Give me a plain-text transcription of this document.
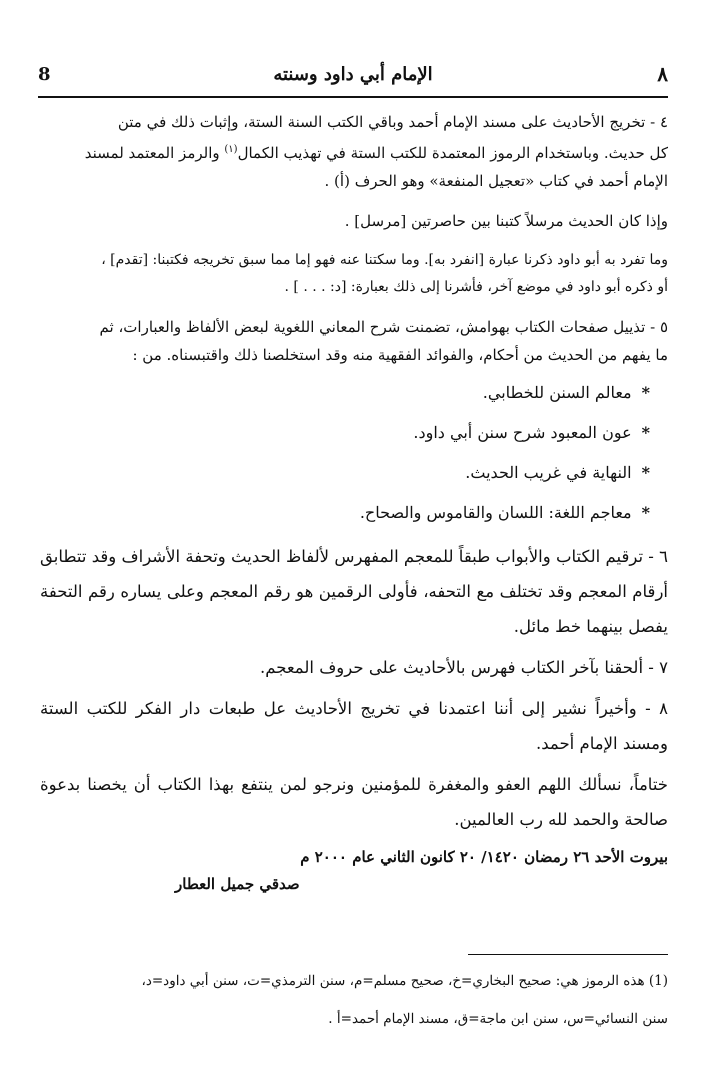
٨
الإمام أبي داود وسنته
8

٤ - تخريج الأحاديث على مسند الإمام أحمد وباقي الكتب السنة الستة، وإثبات ذلك في متن
كل حديث. وباستخدام الرموز المعتمدة للكتب الستة في تهذيب الكمال$^{(١)}$ والرمز المعتمد لمسند
الإمام أحمد في كتاب «تعجيل المنفعة» وهو الحرف (أ) .

وإذا كان الحديث مرسلاً كتبنا بين حاصرتين [مرسل] .

وما تفرد به أبو داود ذكرنا عبارة [انفرد به]. وما سكتنا عنه فهو إما مما سبق تخريجه فكتبنا: [تقدم] ،
أو ذكره أبو داود في موضع آخر، فأشرنا إلى ذلك بعبارة: [د: . . . ] .

٥ - تذييل صفحات الكتاب بهوامش، تضمنت شرح المعاني اللغوية لبعض الألفاظ والعبارات، ثم
ما يفهم من الحديث من أحكام، والفوائد الفقهية منه وقد استخلصنا ذلك واقتبسناه. من :

*معالم السنن للخطابي.
*عون المعبود شرح سنن أبي داود.
*النهاية في غريب الحديث.
*معاجم اللغة: اللسان والقاموس والصحاح.

٦ - ترقيم الكتاب والأبواب طبقاً للمعجم المفهرس لألفاظ الحديث وتحفة الأشراف وقد تتطابق أرقام المعجم وقد تختلف مع التحفه، فأولى الرقمين هو رقم المعجم وعلى يساره رقم التحفة يفصل بينهما خط مائل.

٧ - ألحقنا بآخر الكتاب فهرس بالأحاديث على حروف المعجم.

٨ - وأخيراً نشير إلى أننا اعتمدنا في تخريج الأحاديث عل طبعات دار الفكر للكتب الستة ومسند الإمام أحمد.

ختاماً، نسألك اللهم العفو والمغفرة للمؤمنين ونرجو لمن ينتفع بهذا الكتاب أن يخصنا بدعوة صالحة والحمد لله رب العالمين.

بيروت الأحد ٢٦ رمضان ١٤٢٠/ ٢٠ كانون الثاني عام ٢٠٠٠ م

صدقي جميل العطار
(1) هذه الرموز هي: صحيح البخاري=خ، صحيح مسلم=م، سنن الترمذي=ت، سنن أبي داود=د،
سنن النسائي=س، سنن ابن ماجة=ق، مسند الإمام أحمد=أ .
